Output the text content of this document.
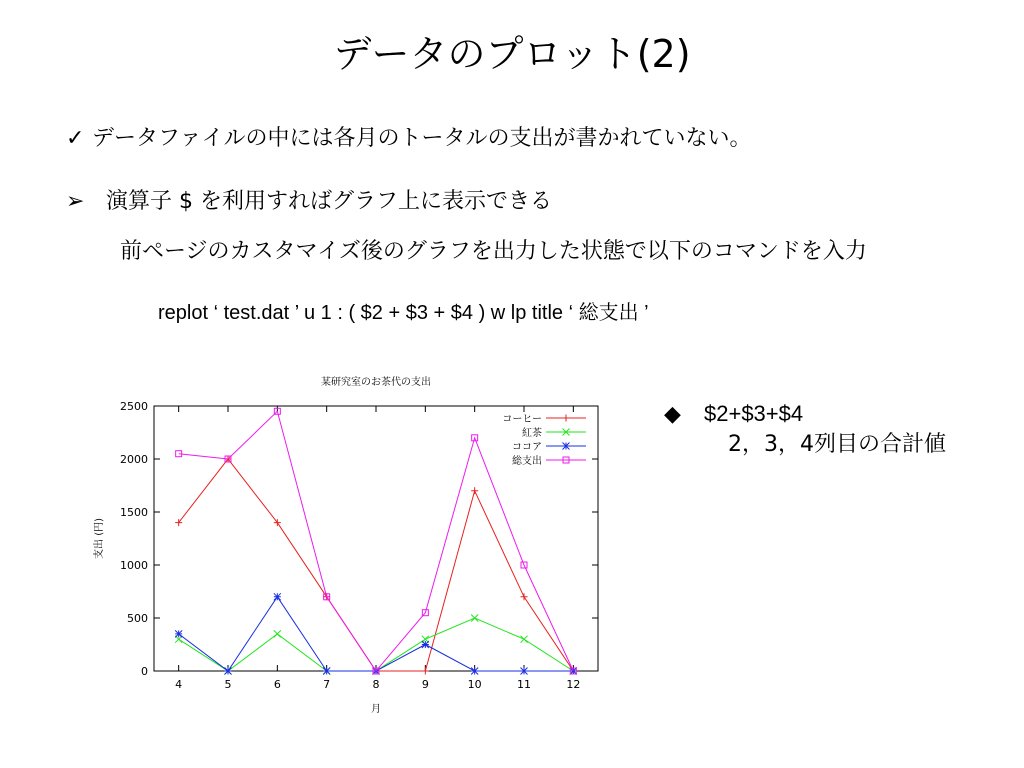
データのプロット(2)
✓ データファイルの中には各月のトータルの支出が書かれていない。
➢ 演算子 $ を利用すればグラフ上に表示できる
前ページのカスタマイズ後のグラフを出力した状態で以下のコマンドを入力
replot ‘ test.dat ’ u 1 : ( $2 + $3 + $4 ) w lp title ‘ 総支出 ’
0
500
1000
1500
2000
2500
4	5	6	7	8	9	10	11	12
某研究室のお茶代の支出
月
支出 (円)
コーヒー
紅茶
ココア
総支出
◆ $2+$3+$4
2，3，4列目の合計値
